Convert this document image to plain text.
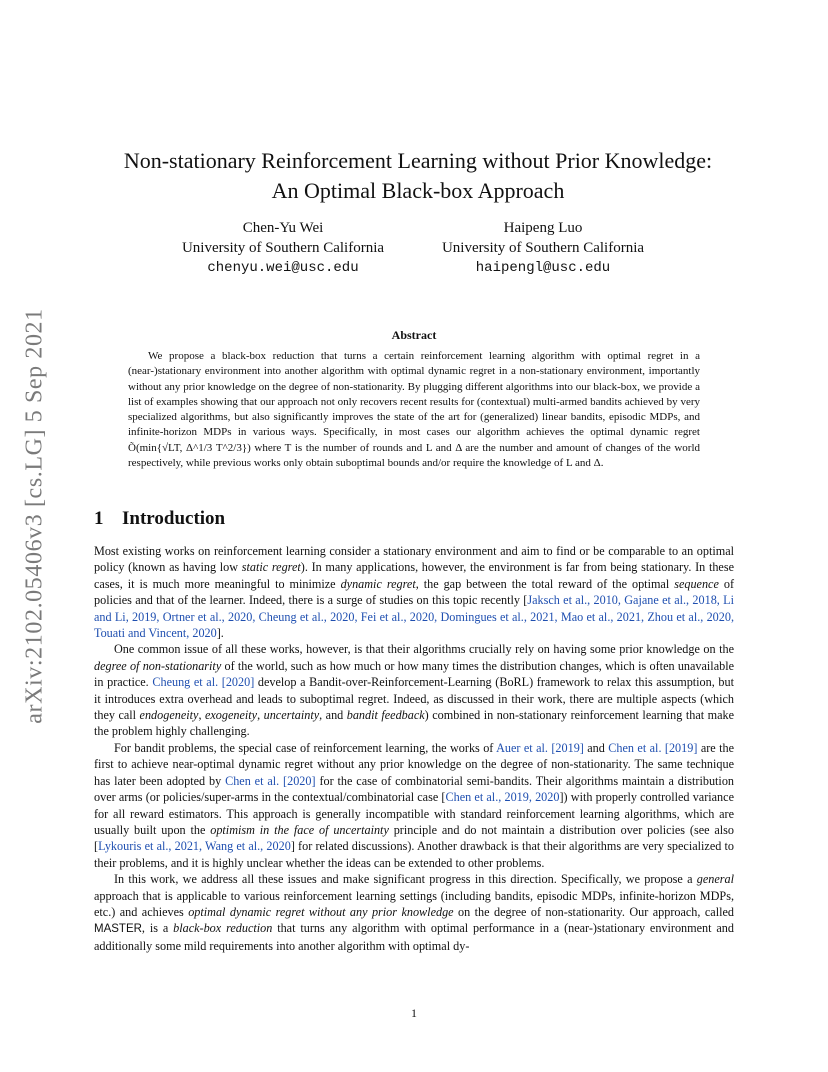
arXiv:2102.05406v3 [cs.LG] 5 Sep 2021
Non-stationary Reinforcement Learning without Prior Knowledge:
An Optimal Black-box Approach
Chen-Yu Wei
University of Southern California
chenyu.wei@usc.edu
Haipeng Luo
University of Southern California
haipengl@usc.edu
Abstract
We propose a black-box reduction that turns a certain reinforcement learning algorithm with optimal regret in a (near-)stationary environment into another algorithm with optimal dynamic regret in a non-stationary environment, importantly without any prior knowledge on the degree of non-stationarity. By plugging different algorithms into our black-box, we provide a list of examples showing that our approach not only recovers recent results for (contextual) multi-armed bandits achieved by very specialized algorithms, but also significantly improves the state of the art for (generalized) linear bandits, episodic MDPs, and infinite-horizon MDPs in various ways. Specifically, in most cases our algorithm achieves the optimal dynamic regret Õ(min{√LT, Δ^1/3 T^2/3}) where T is the number of rounds and L and Δ are the number and amount of changes of the world respectively, while previous works only obtain suboptimal bounds and/or require the knowledge of L and Δ.
1 Introduction

Most existing works on reinforcement learning consider a stationary environment and aim to find or be comparable to an optimal policy (known as having low static regret). In many applications, however, the environment is far from being stationary. In these cases, it is much more meaningful to minimize dynamic regret, the gap between the total reward of the optimal sequence of policies and that of the learner. Indeed, there is a surge of studies on this topic recently [Jaksch et al., 2010, Gajane et al., 2018, Li and Li, 2019, Ortner et al., 2020, Cheung et al., 2020, Fei et al., 2020, Domingues et al., 2021, Mao et al., 2021, Zhou et al., 2020, Touati and Vincent, 2020].

One common issue of all these works, however, is that their algorithms crucially rely on having some prior knowledge on the degree of non-stationarity of the world, such as how much or how many times the distribution changes, which is often unavailable in practice. Cheung et al. [2020] develop a Bandit-over-Reinforcement-Learning (BoRL) framework to relax this assumption, but it introduces extra overhead and leads to suboptimal regret. Indeed, as discussed in their work, there are multiple aspects (which they call endogeneity, exogeneity, uncertainty, and bandit feedback) combined in non-stationary reinforcement learning that make the problem highly challenging.

For bandit problems, the special case of reinforcement learning, the works of Auer et al. [2019] and Chen et al. [2019] are the first to achieve near-optimal dynamic regret without any prior knowledge on the degree of non-stationarity. The same technique has later been adopted by Chen et al. [2020] for the case of combinatorial semi-bandits. Their algorithms maintain a distribution over arms (or policies/super-arms in the contextual/combinatorial case [Chen et al., 2019, 2020]) with properly controlled variance for all reward estimators. This approach is generally incompatible with standard reinforcement learning algorithms, which are usually built upon the optimism in the face of uncertainty principle and do not maintain a distribution over policies (see also [Lykouris et al., 2021, Wang et al., 2020] for related discussions). Another drawback is that their algorithms are very specialized to their problems, and it is highly unclear whether the ideas can be extended to other problems.

In this work, we address all these issues and make significant progress in this direction. Specifically, we propose a general approach that is applicable to various reinforcement learning settings (including bandits, episodic MDPs, infinite-horizon MDPs, etc.) and achieves optimal dynamic regret without any prior knowledge on the degree of non-stationarity. Our approach, called MASTER, is a black-box reduction that turns any algorithm with optimal performance in a (near-)stationary environment and additionally some mild requirements into another algorithm with optimal dy-

1
